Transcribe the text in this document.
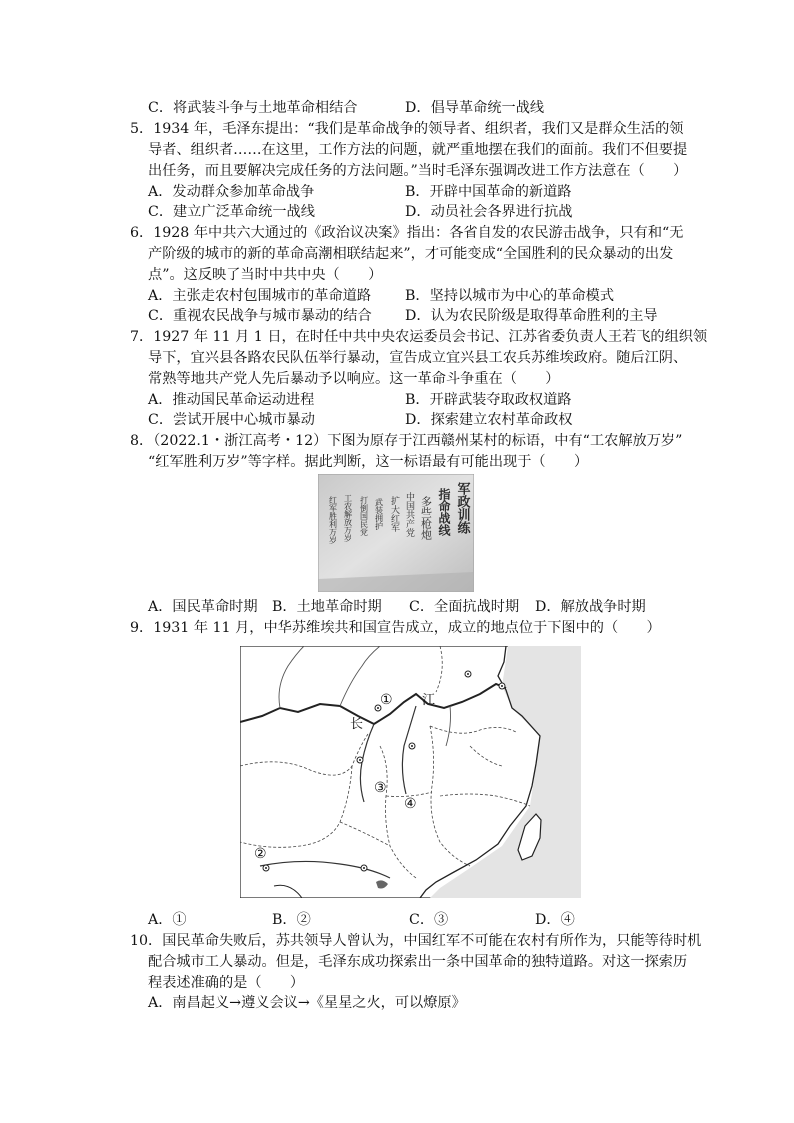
C．将武装斗争与土地革命相结合	D．倡导革命统一战线
5．1934 年，毛泽东提出：“我们是革命战争的领导者、组织者，我们又是群众生活的领
导者、组织者……在这里，工作方法的问题，就严重地摆在我们的面前。我们不但要提
出任务，而且要解决完成任务的方法问题。”当时毛泽东强调改进工作方法意在（　　）
A．发动群众参加革命战争	B．开辟中国革命的新道路
C．建立广泛革命统一战线	D．动员社会各界进行抗战
6．1928 年中共六大通过的《政治议决案》指出：各省自发的农民游击战争，只有和“无
产阶级的城市的新的革命高潮相联结起来”，才可能变成“全国胜利的民众暴动的出发
点”。这反映了当时中共中央（　　）
A．主张走农村包围城市的革命道路 B．坚持以城市为中心的革命模式
C．重视农民战争与城市暴动的结合 D．认为农民阶级是取得革命胜利的主导
7．1927 年 11 月 1 日，在时任中共中央农运委员会书记、江苏省委负责人王若飞的组织领
导下，宜兴县各路农民队伍举行暴动，宣告成立宜兴县工农兵苏维埃政府。随后江阴、
常熟等地共产党人先后暴动予以响应。这一革命斗争重在（　　）
A．推动国民革命运动进程	B．开辟武装夺取政权道路
C．尝试开展中心城市暴动	D．探索建立农村革命政权
8．（2022.1・浙江高考・12）下图为原存于江西赣州某村的标语，中有“工农解放万岁”
“红军胜利万岁”等字样。据此判断，这一标语最有可能出现于（　　）
军政训练
指命战线
多些枪炮
中国共产党
扩大红军
武装拥护
打倒国民党
工农解放万岁
红军胜利万岁
A．国民革命时期 B．土地革命时期 C．全面抗战时期 D．解放战争时期
9．1931 年 11 月，中华苏维埃共和国宣告成立，成立的地点位于下图中的（　　）
①
长
江
③
④
②
A．①	B．②	C．③	D．④
10．国民革命失败后，苏共领导人曾认为，中国红军不可能在农村有所作为，只能等待时机
配合城市工人暴动。但是，毛泽东成功探索出一条中国革命的独特道路。对这一探索历
程表述准确的是（　　）
A．南昌起义→遵义会议→《星星之火，可以燎原》
